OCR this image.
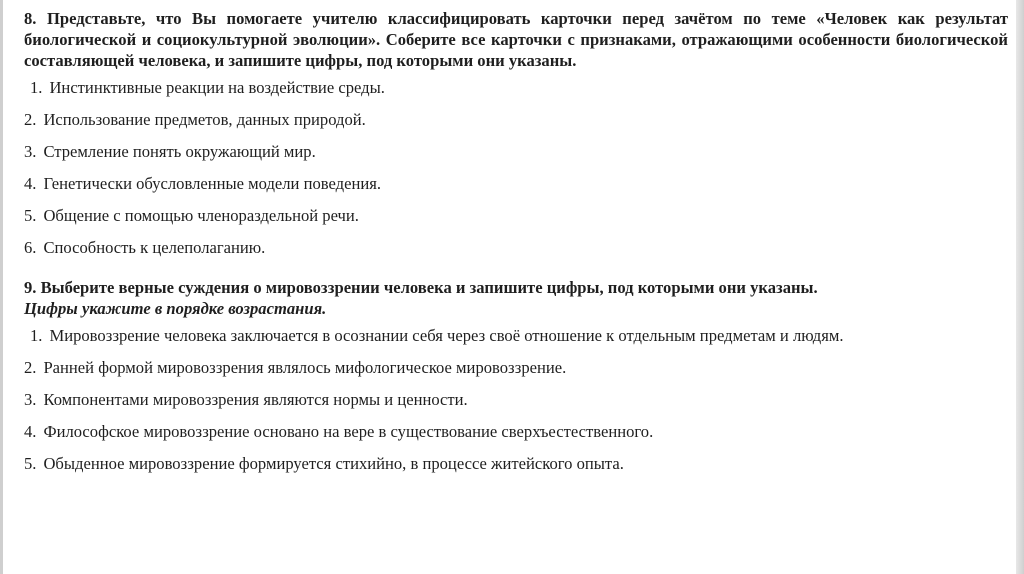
8. Представьте, что Вы помогаете учителю классифицировать карточки перед зачётом по теме «Человек как результат биологической и социокультурной эволюции». Соберите все карточки с признаками, отражающими особенности биологической составляющей человека, и запишите цифры, под которыми они указаны.

1. Инстинктивные реакции на воздействие среды.
2. Использование предметов, данных природой.
3. Стремление понять окружающий мир.
4. Генетически обусловленные модели поведения.
5. Общение с помощью членораздельной речи.
6. Способность к целеполаганию.

9. Выберите верные суждения о мировоззрении человека и запишите цифры, под которыми они указаны.
Цифры укажите в порядке возрастания.

1. Мировоззрение человека заключается в осознании себя через своё отношение к отдельным предметам и людям.
2. Ранней формой мировоззрения являлось мифологическое мировоззрение.
3. Компонентами мировоззрения являются нормы и ценности.
4. Философское мировоззрение основано на вере в существование сверхъестественного.
5. Обыденное мировоззрение формируется стихийно, в процессе житейского опыта.
